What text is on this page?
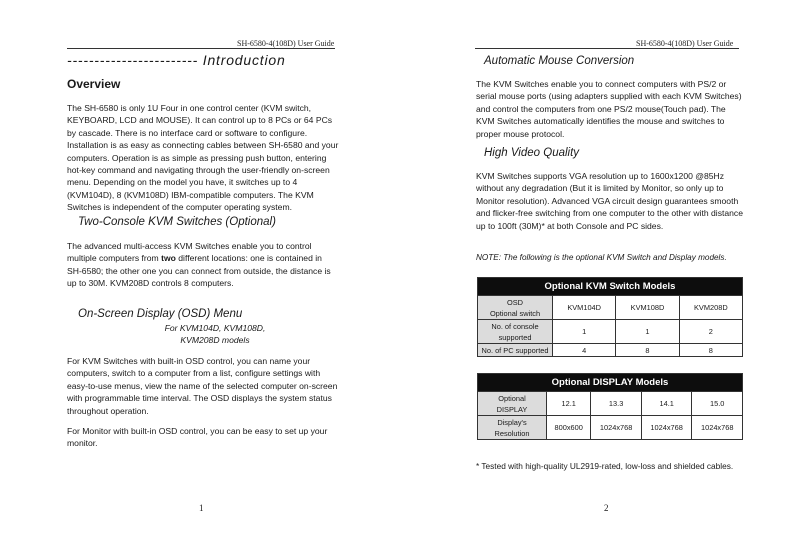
SH-6580-4(108D) User Guide
------------------------ Introduction
Overview

The SH-6580 is only 1U Four in one control center (KVM switch, KEYBOARD, LCD and MOUSE). It can control up to 8 PCs or 64 PCs by cascade. There is no interface card or software to configure. Installation is as easy as connecting cables between SH-6580 and your computers. Operation is as simple as pressing push button, entering hot-key command and navigating through the user-friendly on-screen menu. Depending on the model you have, it switches up to 4 (KVM104D), 8 (KVM108D) IBM-compatible computers. The KVM Switches is independent of the computer operating system.

Two-Console KVM Switches (Optional)

The advanced multi-access KVM Switches enable you to control multiple computers from two different locations: one is contained in SH-6580; the other one you can connect from outside, the distance is up to 30M. KVM208D controls 8 computers.

On-Screen Display (OSD) Menu
For KVM104D, KVM108D,
KVM208D models

For KVM Switches with built-in OSD control, you can name your computers, switch to a computer from a list, configure settings with easy-to-use menus, view the name of the selected computer on-screen with programmable time interval. The OSD displays the system status throughout operation.

For Monitor with built-in OSD control, you can be easy to set up your monitor.

1
SH-6580-4(108D) User Guide
Automatic Mouse Conversion

The KVM Switches enable you to connect computers with PS/2 or serial mouse ports (using adapters supplied with each KVM Switches) and control the computers from one PS/2 mouse(Touch pad). The KVM Switches automatically identifies the mouse and switches to proper mouse protocol.

High Video Quality

KVM Switches supports VGA resolution up to 1600x1200 @85Hz without any degradation (But it is limited by Monitor, so only up to Monitor resolution). Advanced VGA circuit design guarantees smooth and flicker-free switching from one computer to the other with distance up to 100ft (30M)* at both Console and PC sides.

NOTE: The following is the optional KVM Switch and Display models.
Optional KVM Switch Models			

OSD
Optional switch	KVM104D	KVM108D	KVM208D

No. of console
supported	1	1	2
No. of PC supported	4	8	8
Optional DISPLAY Models				

Optional
DISPLAY	12.1	13.3	14.1	15.0

Display's
Resolution	800x600	1024x768	1024x768	1024x768
* Tested with high-quality UL2919-rated, low-loss and shielded cables.
2
